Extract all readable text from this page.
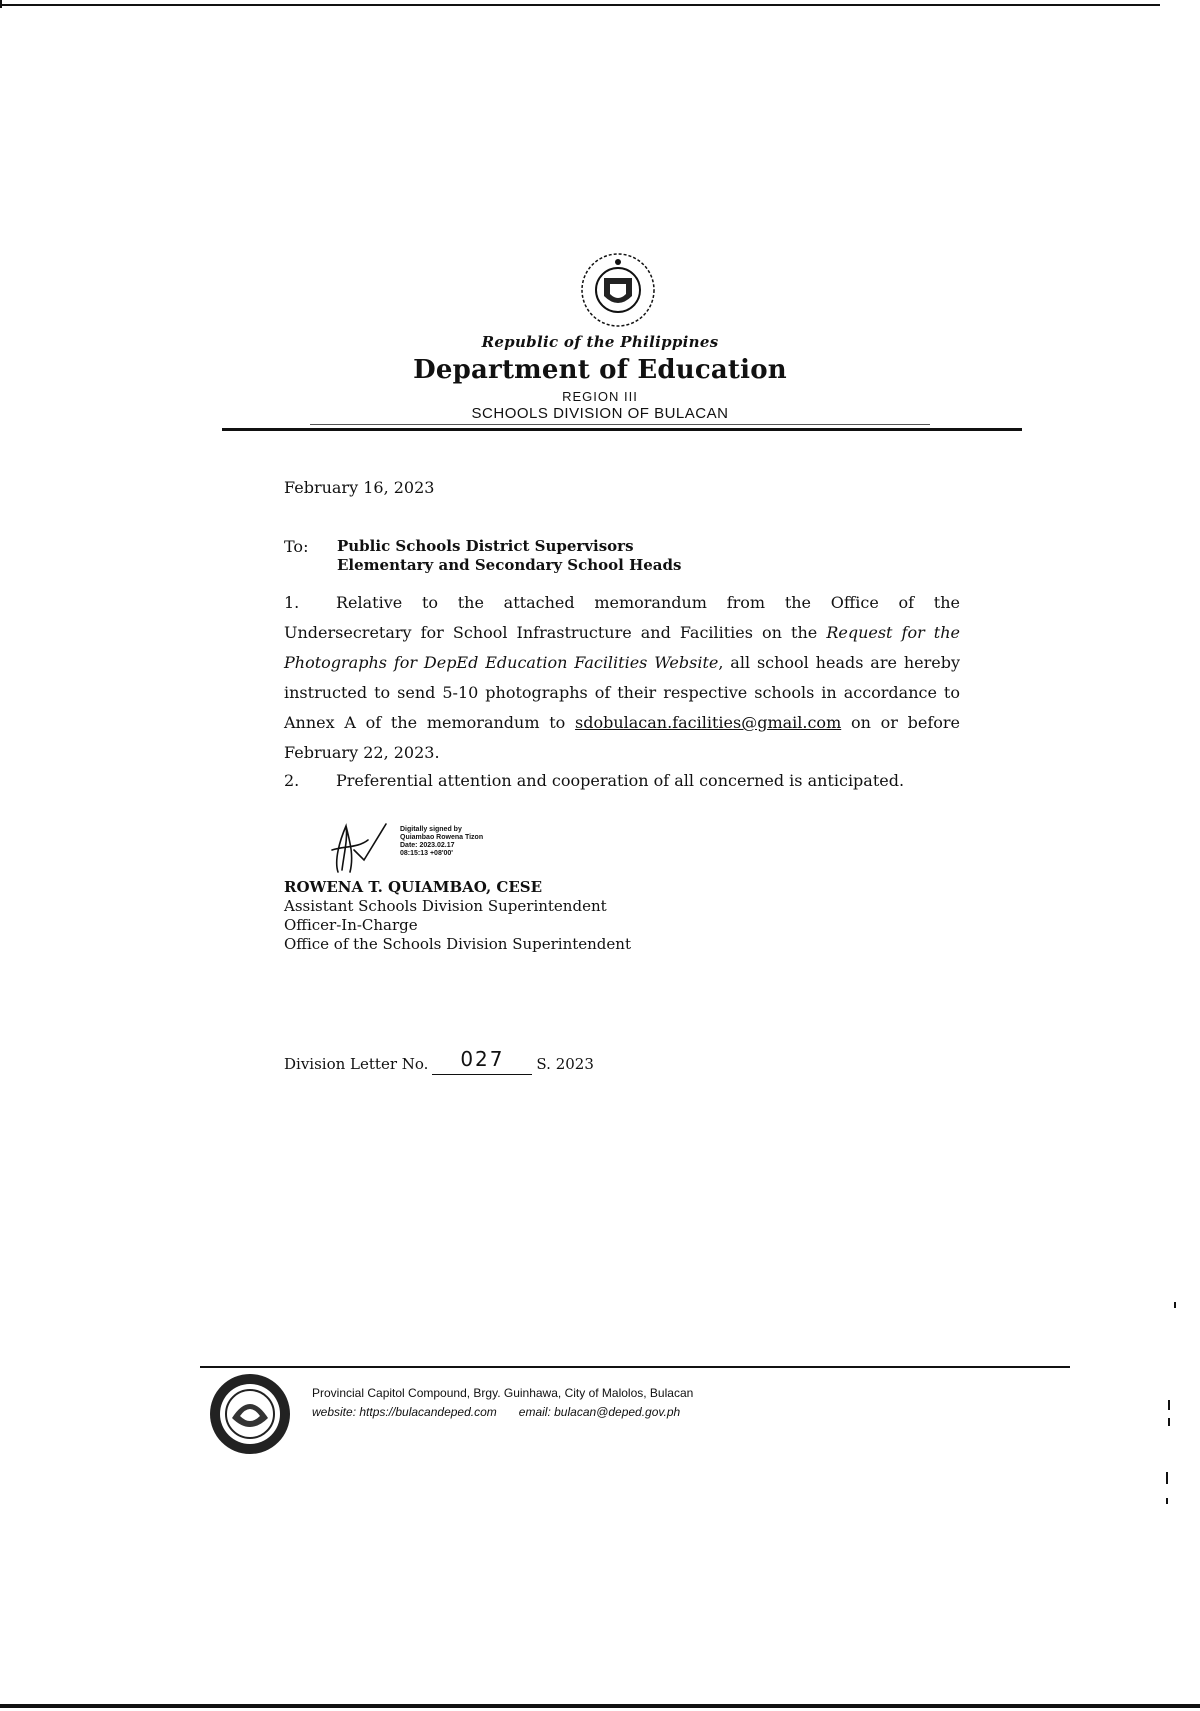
Republic of the Philippines
Department of Education
REGION III
SCHOOLS DIVISION OF BULACAN
February 16, 2023
To: Public Schools District Supervisors
Elementary and Secondary School Heads
1. Relative to the attached memorandum from the Office of the Undersecretary for School Infrastructure and Facilities on the Request for the Photographs for DepEd Education Facilities Website, all school heads are hereby instructed to send 5-10 photographs of their respective schools in accordance to Annex A of the memorandum to sdobulacan.facilities@gmail.com on or before February 22, 2023.
2. Preferential attention and cooperation of all concerned is anticipated.
Digitally signed by
Quiambao Rowena Tizon
Date: 2023.02.17
08:15:13 +08'00'
ROWENA T. QUIAMBAO, CESE
Assistant Schools Division Superintendent
Officer-In-Charge
Office of the Schools Division Superintendent
Division Letter No. 027 S. 2023
Provincial Capitol Compound, Brgy. Guinhawa, City of Malolos, Bulacan
website: https://bulacandeped.com email: bulacan@deped.gov.ph
